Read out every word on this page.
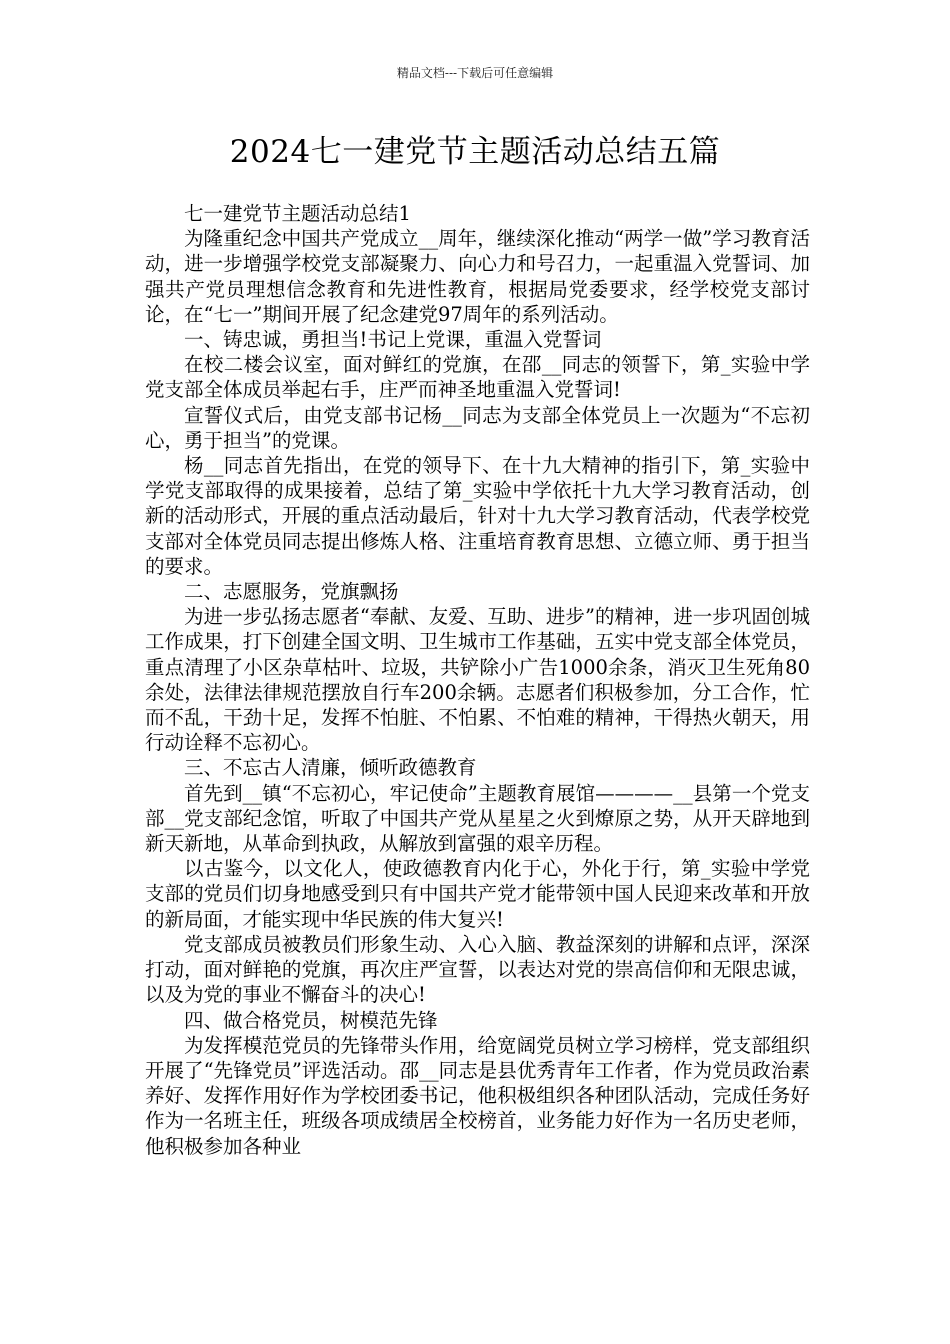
精品文档---下载后可任意编辑
2024七一建党节主题活动总结五篇

七一建党节主题活动总结1

为隆重纪念中国共产党成立__周年，继续深化推动“两学一做”学习教育活动，进一步增强学校党支部凝聚力、向心力和号召力，一起重温入党誓词、加强共产党员理想信念教育和先进性教育，根据局党委要求，经学校党支部讨论，在“七一”期间开展了纪念建党97周年的系列活动。

一、铸忠诚，勇担当!书记上党课，重温入党誓词

在校二楼会议室，面对鲜红的党旗，在邵__同志的领誓下，第_实验中学党支部全体成员举起右手，庄严而神圣地重温入党誓词!

宣誓仪式后，由党支部书记杨__同志为支部全体党员上一次题为“不忘初心，勇于担当”的党课。

杨__同志首先指出，在党的领导下、在十九大精神的指引下，第_实验中学党支部取得的成果接着，总结了第_实验中学依托十九大学习教育活动，创新的活动形式，开展的重点活动最后，针对十九大学习教育活动，代表学校党支部对全体党员同志提出修炼人格、注重培育教育思想、立德立师、勇于担当的要求。

二、志愿服务，党旗飘扬

为进一步弘扬志愿者“奉献、友爱、互助、进步”的精神，进一步巩固创城工作成果，打下创建全国文明、卫生城市工作基础，五实中党支部全体党员，重点清理了小区杂草枯叶、垃圾，共铲除小广告1000余条，消灭卫生死角80余处，法律法律规范摆放自行车200余辆。志愿者们积极参加，分工合作，忙而不乱，干劲十足，发挥不怕脏、不怕累、不怕难的精神，干得热火朝天，用行动诠释不忘初心。

三、不忘古人清廉，倾听政德教育

首先到__镇“不忘初心，牢记使命”主题教育展馆————__县第一个党支部__党支部纪念馆，听取了中国共产党从星星之火到燎原之势，从开天辟地到新天新地，从革命到执政，从解放到富强的艰辛历程。

以古鉴今，以文化人，使政德教育内化于心，外化于行，第_实验中学党支部的党员们切身地感受到只有中国共产党才能带领中国人民迎来改革和开放的新局面，才能实现中华民族的伟大复兴!

党支部成员被教员们形象生动、入心入脑、教益深刻的讲解和点评，深深打动，面对鲜艳的党旗，再次庄严宣誓，以表达对党的崇高信仰和无限忠诚，以及为党的事业不懈奋斗的决心!

四、做合格党员，树模范先锋

为发挥模范党员的先锋带头作用，给宽阔党员树立学习榜样，党支部组织开展了“先锋党员”评选活动。邵__同志是县优秀青年工作者，作为党员政治素养好、发挥作用好作为学校团委书记，他积极组织各种团队活动，完成任务好作为一名班主任，班级各项成绩居全校榜首，业务能力好作为一名历史老师，他积极参加各种业
